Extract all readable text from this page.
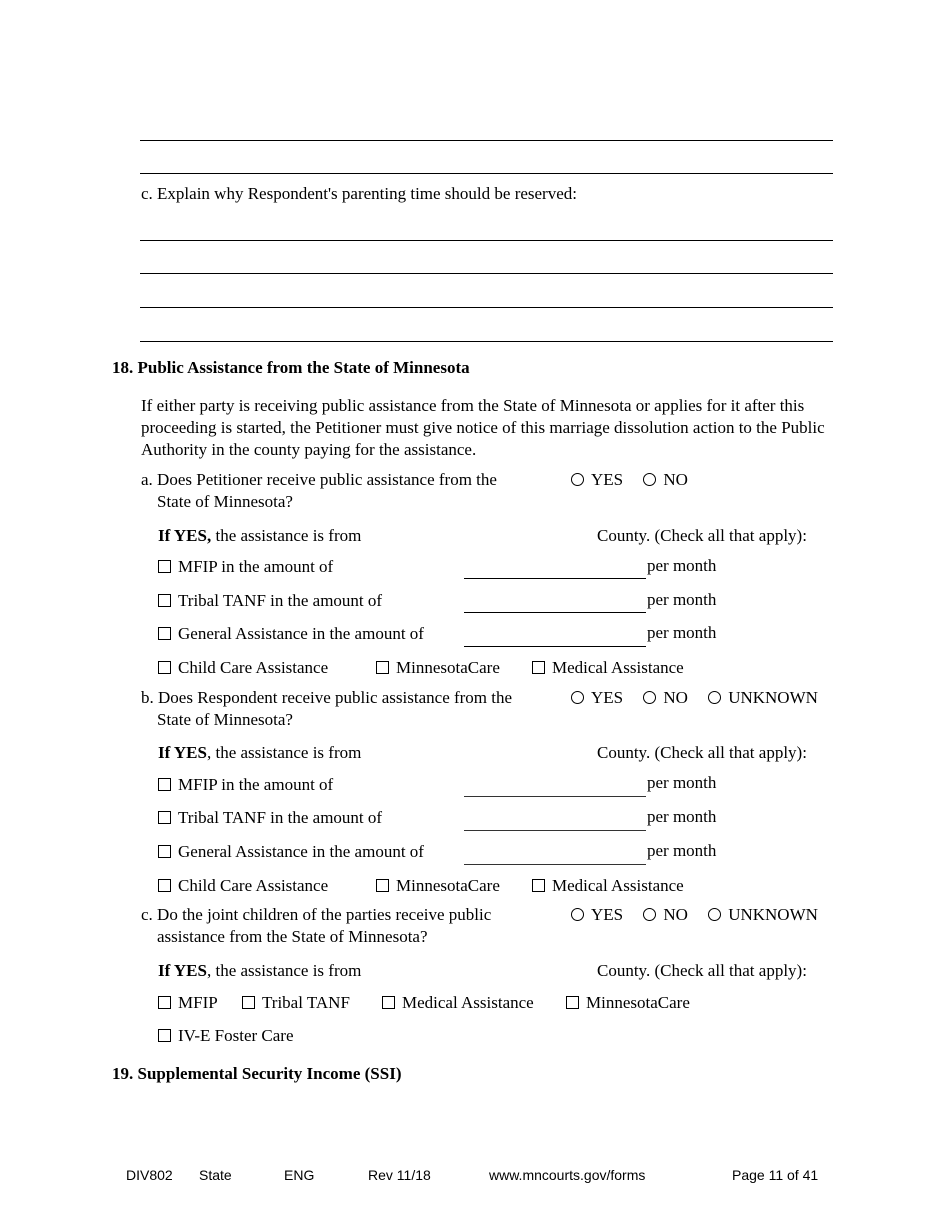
c. Explain why Respondent's parenting time should be reserved:
18. Public Assistance from the State of Minnesota
If either party is receiving public assistance from the State of Minnesota or applies for it after this proceeding is started, the Petitioner must give notice of this marriage dissolution action to the Public Authority in the county paying for the assistance.
a. Does Petitioner receive public assistance from the
State of Minnesota?
YES NO
If YES, the assistance is from	County. (Check all that apply):
MFIP in the amount of	per month
Tribal TANF in the amount of	per month
General Assistance in the amount of	per month
Child Care Assistance	MinnesotaCare	Medical Assistance
b. Does Respondent receive public assistance from the
State of Minnesota?
YES NO UNKNOWN
If YES, the assistance is from	County. (Check all that apply):
MFIP in the amount of	per month
Tribal TANF in the amount of	per month
General Assistance in the amount of	per month
Child Care Assistance	MinnesotaCare	Medical Assistance
c. Do the joint children of the parties receive public
assistance from the State of Minnesota?
YES NO UNKNOWN
If YES, the assistance is from	County. (Check all that apply):
MFIP	Tribal TANF	Medical Assistance	MinnesotaCare
IV-E Foster Care
19. Supplemental Security Income (SSI)
DIV802 State	ENG	Rev 11/18	www.mncourts.gov/forms	Page 11 of 41
